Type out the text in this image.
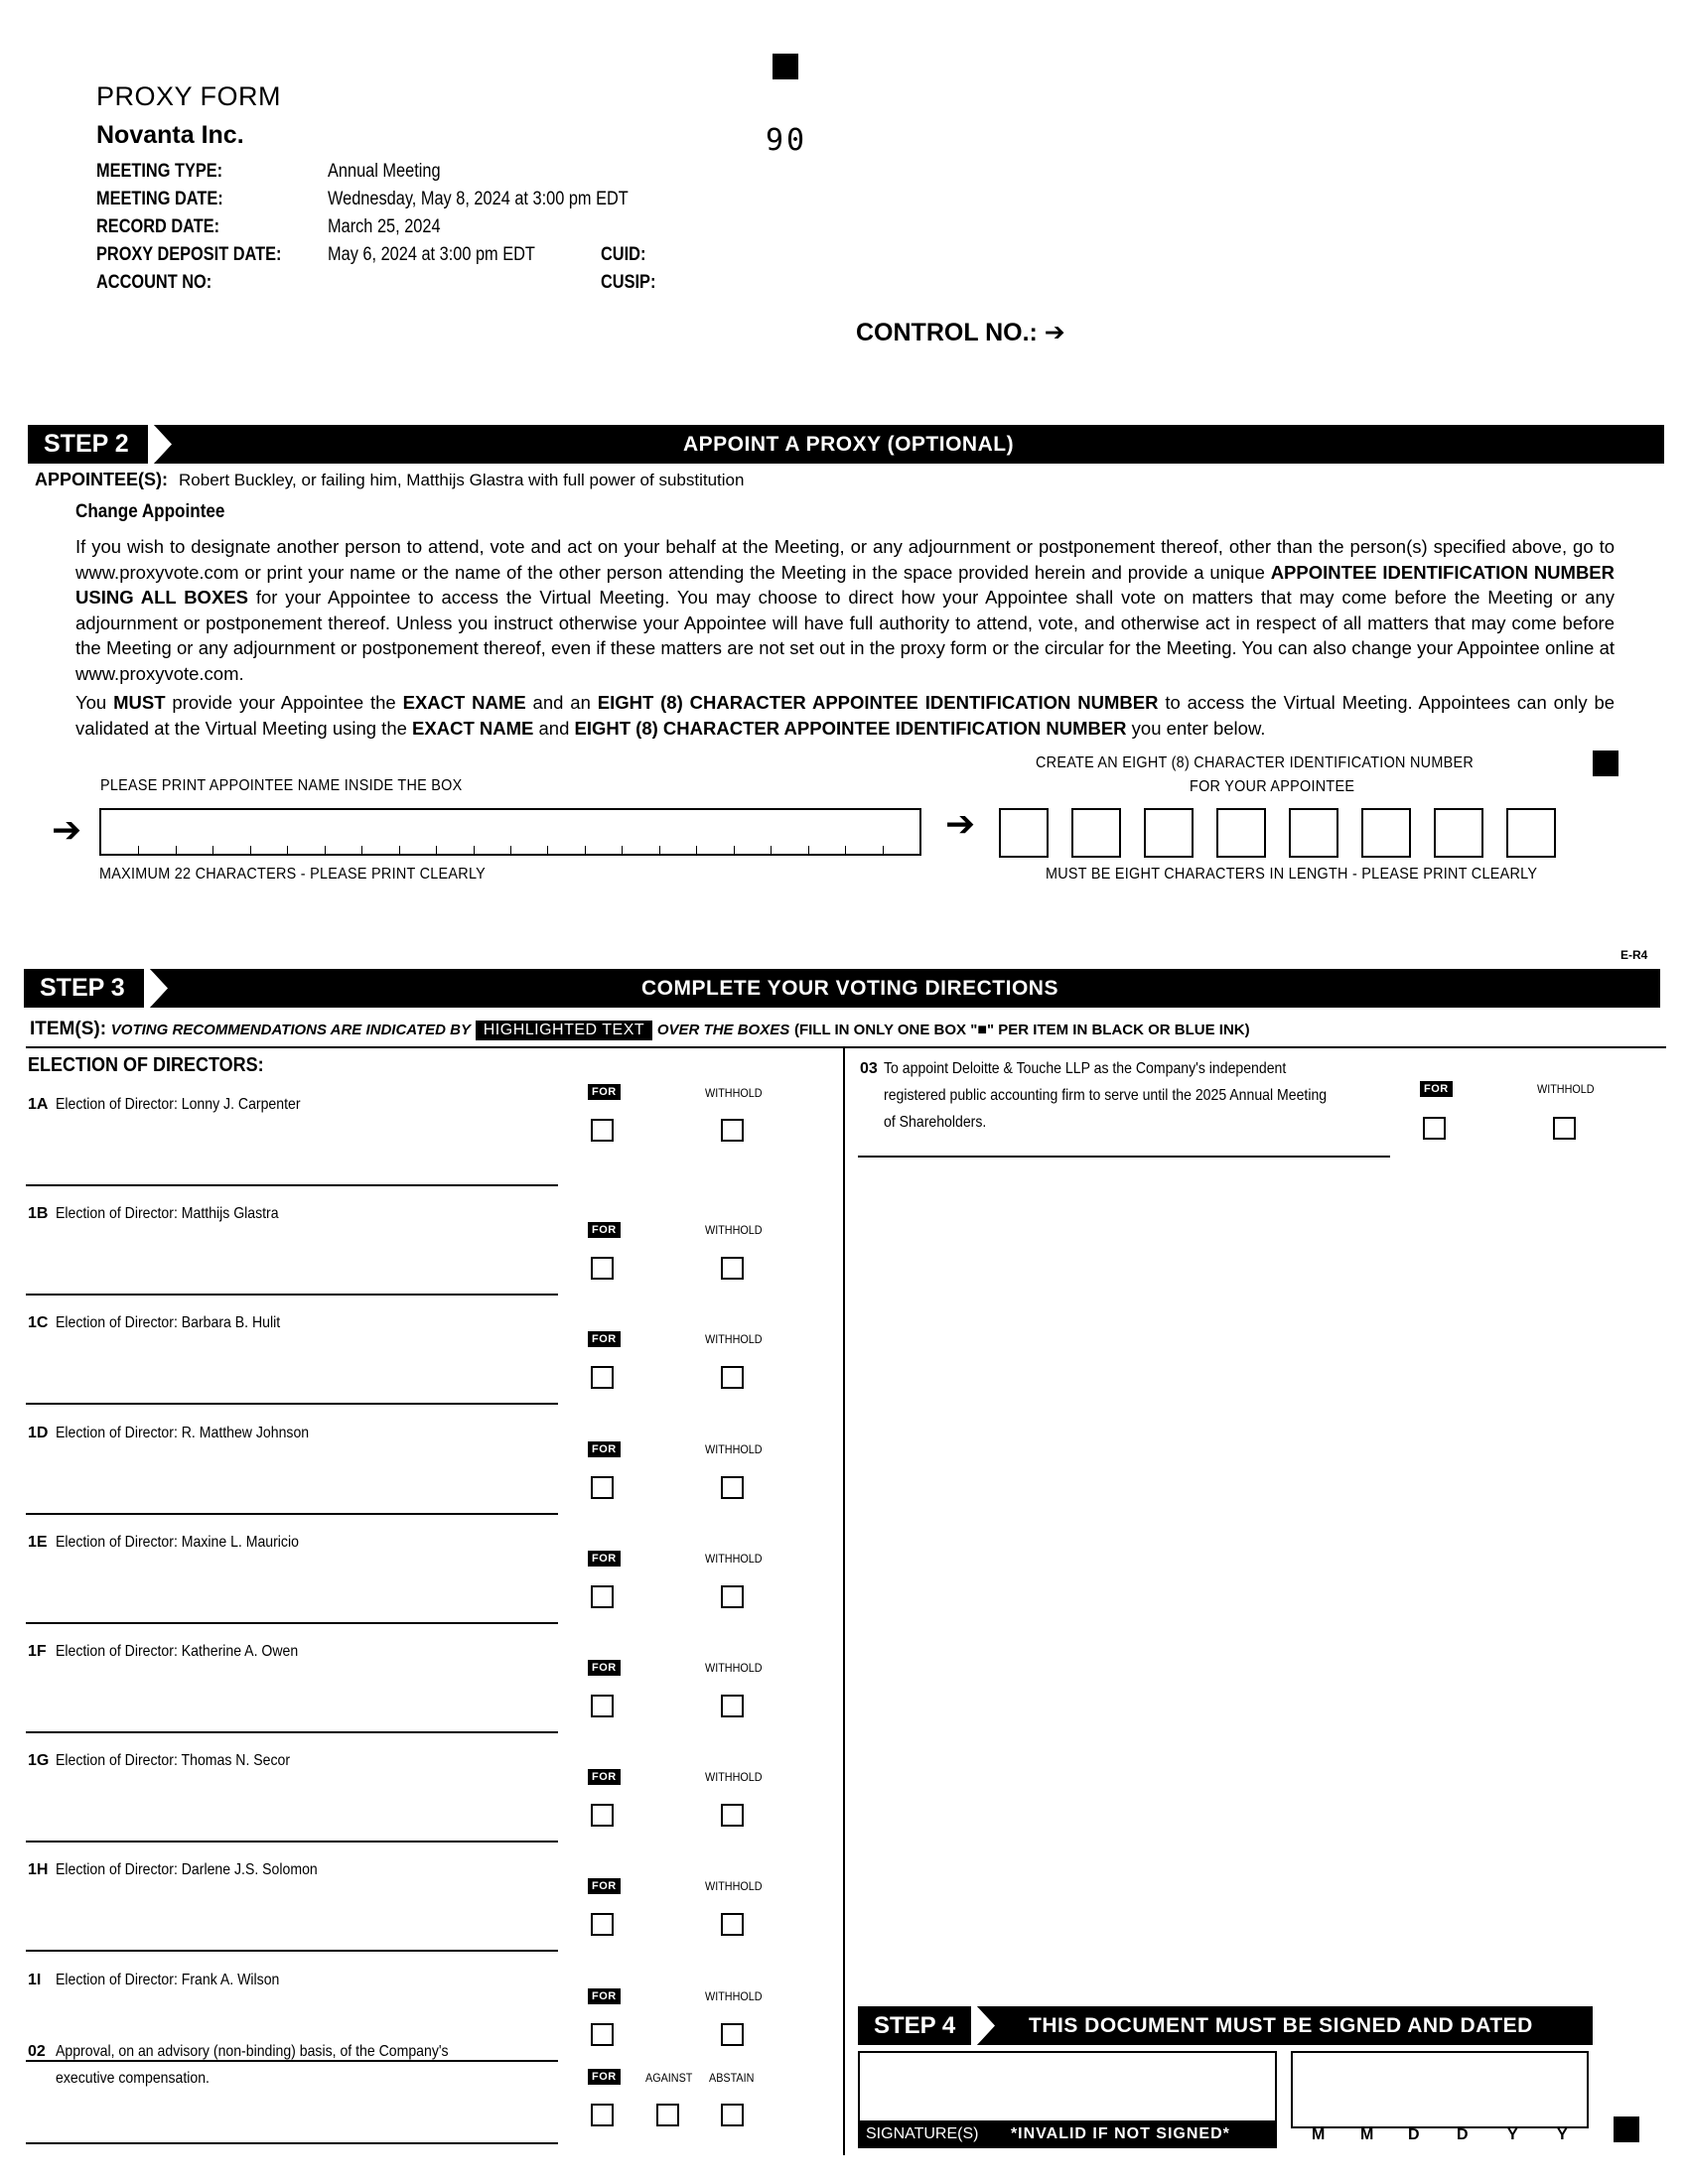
PROXY FORM
Novanta Inc.	90
MEETING TYPE:	Annual Meeting
MEETING DATE:	Wednesday, May 8, 2024 at 3:00 pm EDT
RECORD DATE:	March 25, 2024
PROXY DEPOSIT DATE: May 6, 2024 at 3:00 pm EDT	CUID:
ACCOUNT NO:	CUSIP:
CONTROL NO.: ➔
STEP 2	APPOINT A PROXY (OPTIONAL)
APPOINTEE(S): Robert Buckley, or failing him, Matthijs Glastra with full power of substitution
Change Appointee
If you wish to designate another person to attend, vote and act on your behalf at the Meeting, or any adjournment or postponement thereof, other than the person(s) specified above, go to www.proxyvote.com or print your name or the name of the other person attending the Meeting in the space provided herein and provide a unique APPOINTEE IDENTIFICATION NUMBER USING ALL BOXES for your Appointee to access the Virtual Meeting. You may choose to direct how your Appointee shall vote on matters that may come before the Meeting or any adjournment or postponement thereof. Unless you instruct otherwise your Appointee will have full authority to attend, vote, and otherwise act in respect of all matters that may come before the Meeting or any adjournment or postponement thereof, even if these matters are not set out in the proxy form or the circular for the Meeting. You can also change your Appointee online at www.proxyvote.com.
You MUST provide your Appointee the EXACT NAME and an EIGHT (8) CHARACTER APPOINTEE IDENTIFICATION NUMBER to access the Virtual Meeting. Appointees can only be validated at the Virtual Meeting using the EXACT NAME and EIGHT (8) CHARACTER APPOINTEE IDENTIFICATION NUMBER you enter below.
PLEASE PRINT APPOINTEE NAME INSIDE THE BOX
➔
MAXIMUM 22 CHARACTERS - PLEASE PRINT CLEARLY
CREATE AN EIGHT (8) CHARACTER IDENTIFICATION NUMBER
FOR YOUR APPOINTEE
➔
MUST BE EIGHT CHARACTERS IN LENGTH - PLEASE PRINT CLEARLY
E-R4
STEP 3	COMPLETE YOUR VOTING DIRECTIONS
ITEM(S): VOTING RECOMMENDATIONS ARE INDICATED BY HIGHLIGHTED TEXT OVER THE BOXES (FILL IN ONLY ONE BOX "■" PER ITEM IN BLACK OR BLUE INK)
ELECTION OF DIRECTORS:
1A Election of Director: Lonny J. Carpenter
FOR	WITHHOLD
1B Election of Director: Matthijs Glastra
FOR	WITHHOLD
1C Election of Director: Barbara B. Hulit
FOR	WITHHOLD
1D Election of Director: R. Matthew Johnson
FOR	WITHHOLD
1E Election of Director: Maxine L. Mauricio
FOR	WITHHOLD
1F Election of Director: Katherine A. Owen
FOR	WITHHOLD
1G Election of Director: Thomas N. Secor
FOR	WITHHOLD
1H Election of Director: Darlene J.S. Solomon
FOR	WITHHOLD
1I Election of Director: Frank A. Wilson
FOR	WITHHOLD
02 Approval, on an advisory (non-binding) basis, of the Company's
executive compensation.	FOR	AGAINST ABSTAIN
03 To appoint Deloitte & Touche LLP as the Company's independent
registered public accounting firm to serve until the 2025 Annual Meeting
of Shareholders.
FOR	WITHHOLD
STEP 4	THIS DOCUMENT MUST BE SIGNED AND DATED
SIGNATURE(S) *INVALID IF NOT SIGNED*	M M D D Y Y
